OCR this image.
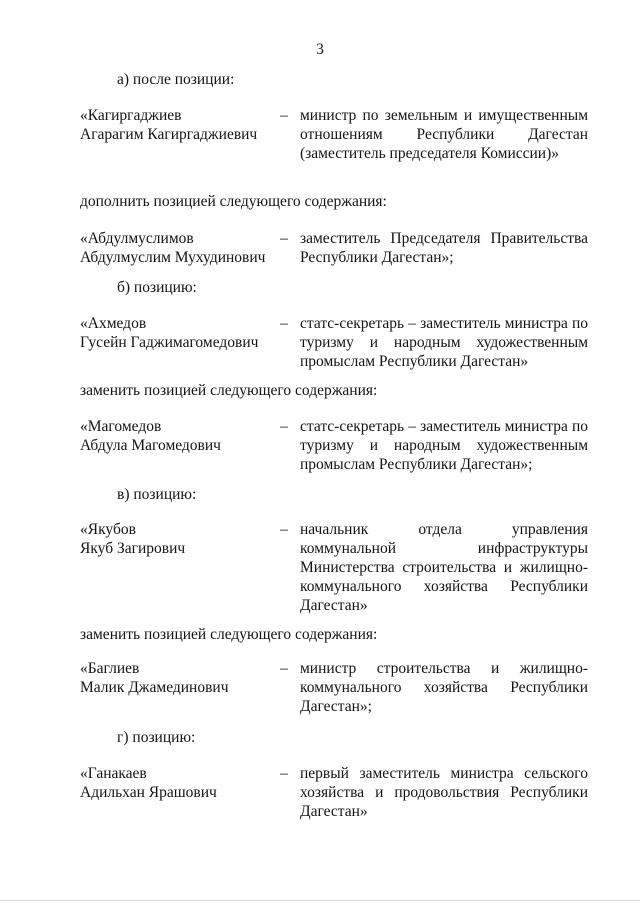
3
а) после позиции:
«Кагиргаджиев
Агарагим Кагиргаджиевич
– министр по земельным и имущественным
отношениям Республики Дагестан
(заместитель председателя Комиссии)»
дополнить позицией следующего содержания:
«Абдулмуслимов
Абдулмуслим Мухудинович
– заместитель Председателя Правительства
Республики Дагестан»;
б) позицию:
«Ахмедов
Гусейн Гаджимагомедович
– статс-секретарь – заместитель министра по
туризму и народным художественным
промыслам Республики Дагестан»
заменить позицией следующего содержания:
«Магомедов
Абдула Магомедович
– статс-секретарь – заместитель министра по
туризму и народным художественным
промыслам Республики Дагестан»;
в) позицию:
«Якубов
Якуб Загирович
– начальник отдела управления
коммунальной инфраструктуры
Министерства строительства и жилищно-
коммунального хозяйства Республики
Дагестан»
заменить позицией следующего содержания:
«Баглиев
Малик Джамединович
– министр строительства и жилищно-
коммунального хозяйства Республики
Дагестан»;
г) позицию:
«Ганакаев
Адильхан Ярашович
– первый заместитель министра сельского
хозяйства и продовольствия Республики
Дагестан»
